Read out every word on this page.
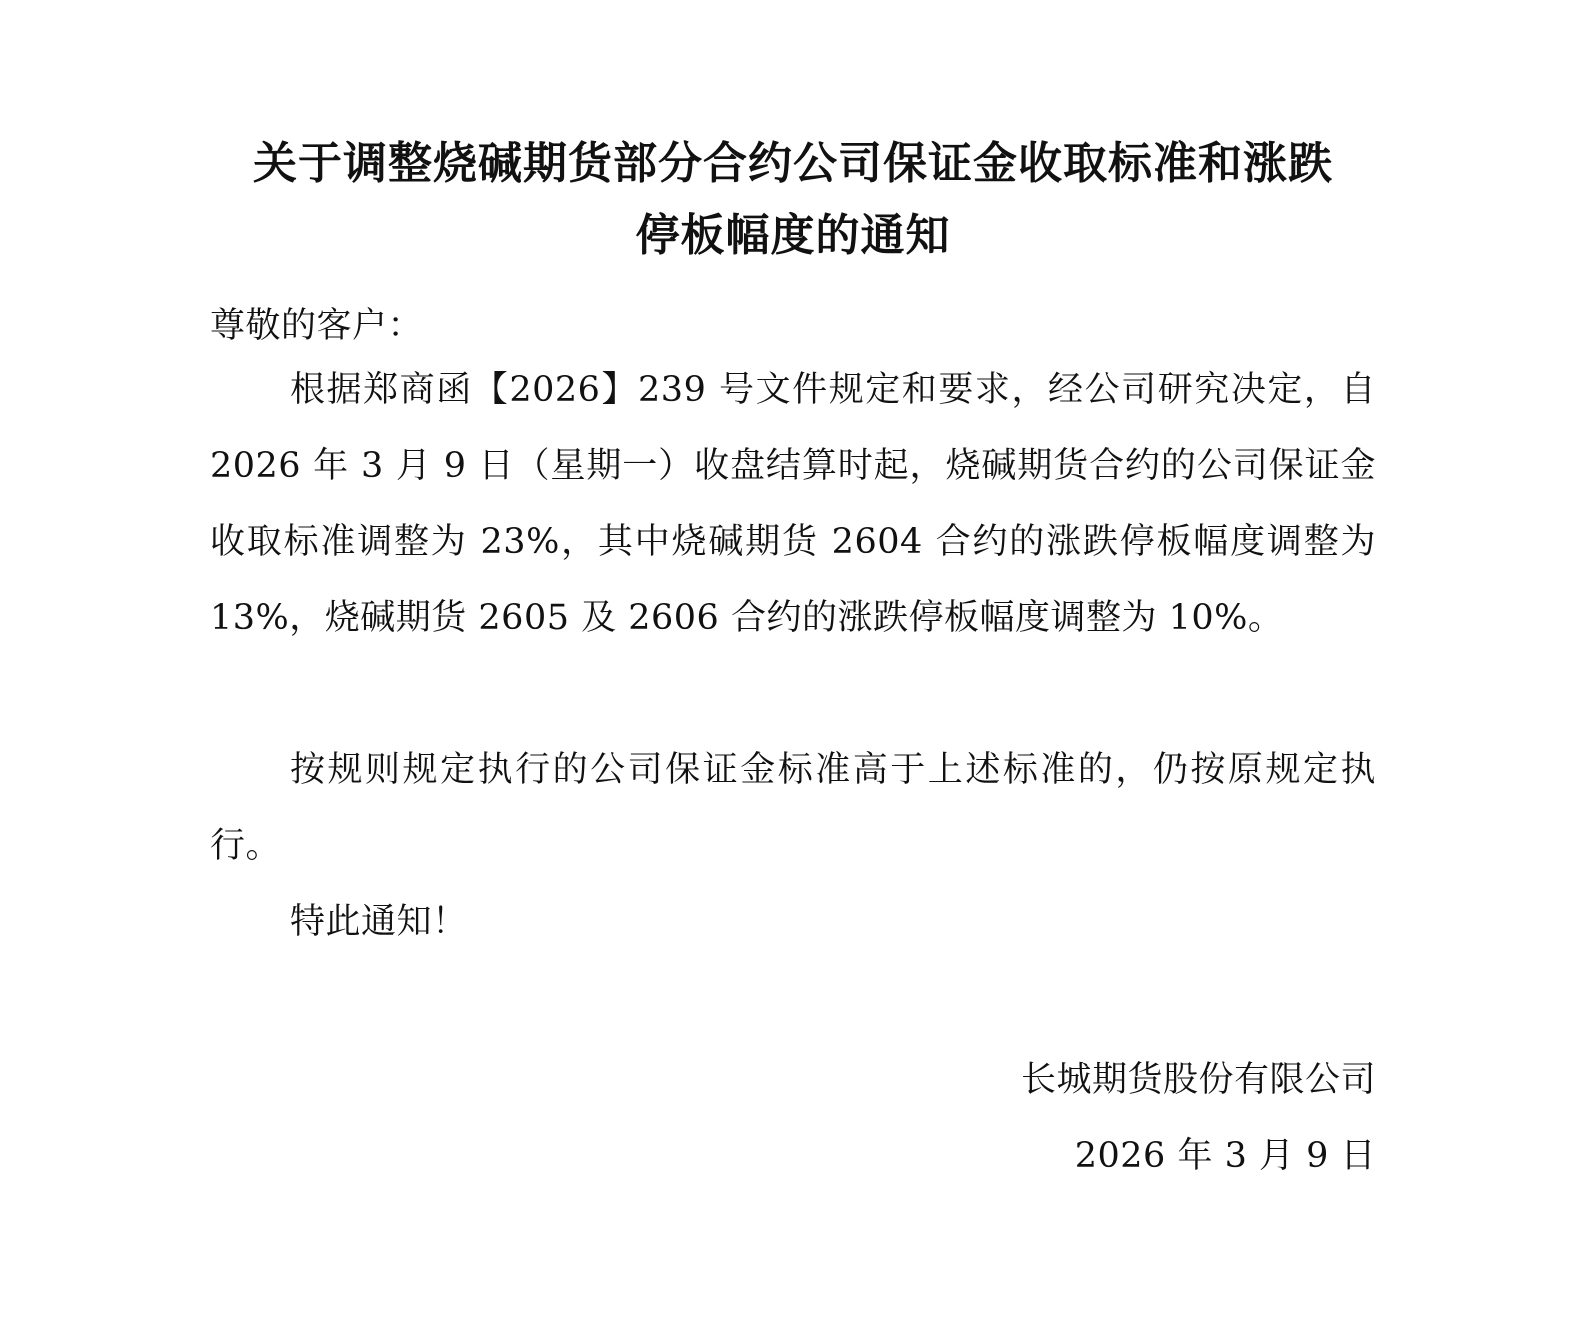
关于调整烧碱期货部分合约公司保证金收取标准和涨跌
停板幅度的通知
尊敬的客户：
根据郑商函【2026】239 号文件规定和要求，经公司研究决定，自 2026 年 3 月 9 日（星期一）收盘结算时起，烧碱期货合约的公司保证金收取标准调整为 23%，其中烧碱期货 2604 合约的涨跌停板幅度调整为 13%，烧碱期货 2605 及 2606 合约的涨跌停板幅度调整为 10%。
按规则规定执行的公司保证金标准高于上述标准的，仍按原规定执行。
特此通知！
长城期货股份有限公司
2026 年 3 月 9 日
